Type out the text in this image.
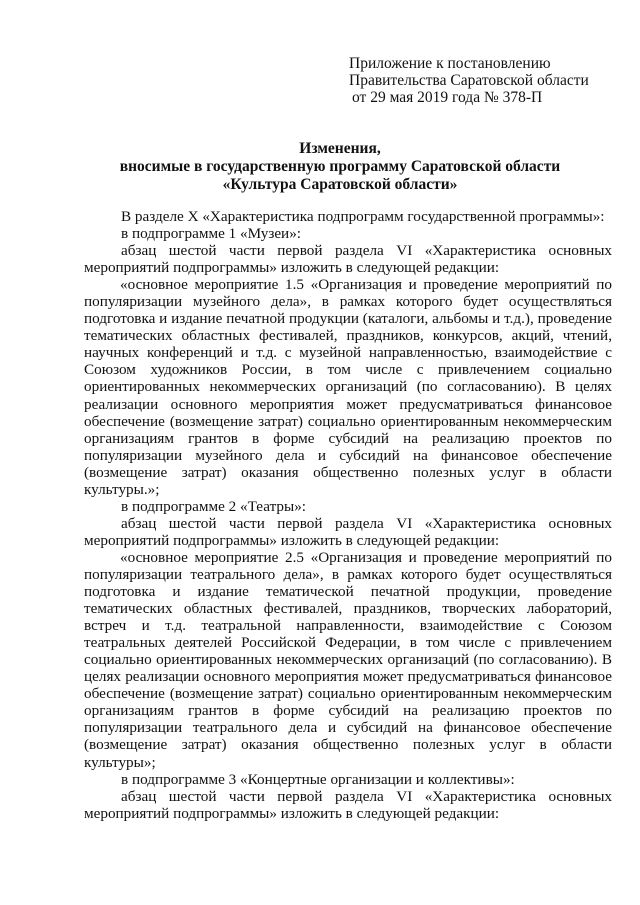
Приложение к постановлению
Правительства Саратовской области
от 29 мая 2019 года № 378-П
Изменения,
вносимые в государственную программу Саратовской области
«Культура Саратовской области»

В разделе X «Характеристика подпрограмм государственной программы»:

в подпрограмме 1 «Музеи»:

абзац шестой части первой раздела VI «Характеристика основных мероприятий подпрограммы» изложить в следующей редакции:

«основное мероприятие 1.5 «Организация и проведение мероприятий по популяризации музейного дела», в рамках которого будет осуществляться подготовка и издание печатной продукции (каталоги, альбомы и т.д.), проведение тематических областных фестивалей, праздников, конкурсов, акций, чтений, научных конференций и т.д. с музейной направленностью, взаимодействие с Союзом художников России, в том числе с привлечением социально ориентированных некоммерческих организаций (по согласованию). В целях реализации основного мероприятия может предусматриваться финансовое обеспечение (возмещение затрат) социально ориентированным некоммерческим организациям грантов в форме субсидий на реализацию проектов по популяризации музейного дела и субсидий на финансовое обеспечение (возмещение затрат) оказания общественно полезных услуг в области культуры.»;

в подпрограмме 2 «Театры»:

абзац шестой части первой раздела VI «Характеристика основных мероприятий подпрограммы» изложить в следующей редакции:

«основное мероприятие 2.5 «Организация и проведение мероприятий по популяризации театрального дела», в рамках которого будет осуществляться подготовка и издание тематической печатной продукции, проведение тематических областных фестивалей, праздников, творческих лабораторий, встреч и т.д. театральной направленности, взаимодействие с Союзом театральных деятелей Российской Федерации, в том числе с привлечением социально ориентированных некоммерческих организаций (по согласованию). В целях реализации основного мероприятия может предусматриваться финансовое обеспечение (возмещение затрат) социально ориентированным некоммерческим организациям грантов в форме субсидий на реализацию проектов по популяризации театрального дела и субсидий на финансовое обеспечение (возмещение затрат) оказания общественно полезных услуг в области культуры»;

в подпрограмме 3 «Концертные организации и коллективы»:

абзац шестой части первой раздела VI «Характеристика основных мероприятий подпрограммы» изложить в следующей редакции:
